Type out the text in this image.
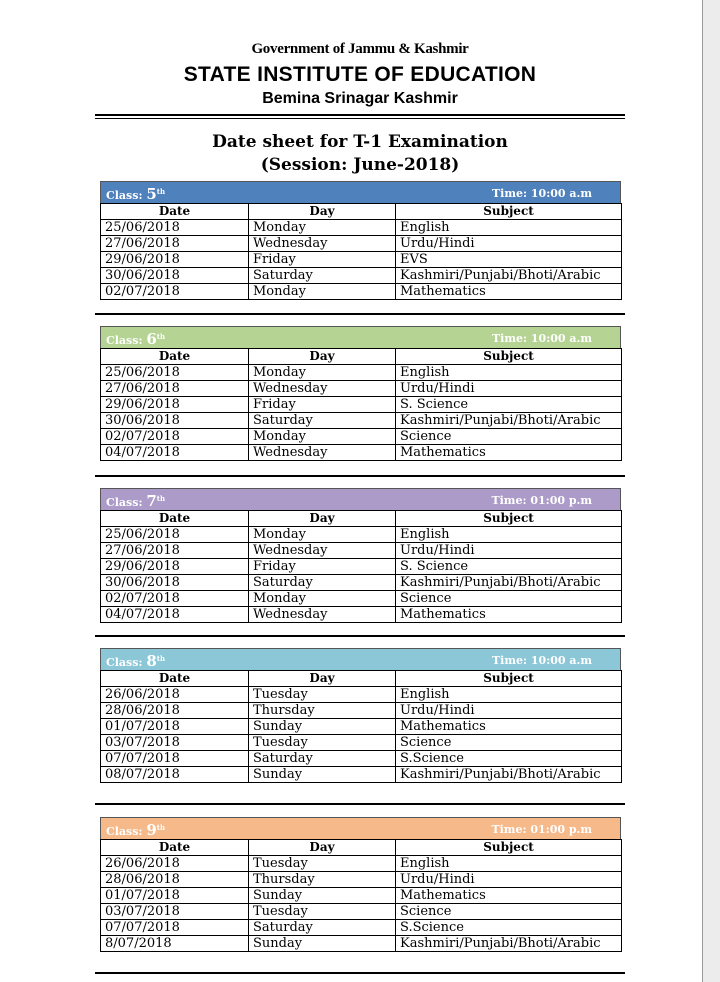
Government of Jammu & Kashmir
STATE INSTITUTE OF EDUCATION
Bemina Srinagar Kashmir
Date sheet for T-1 Examination
(Session: June-2018)
Class: 5th	Time: 10:00 a.m
Date	Day	Subject
25/06/2018	Monday	English
27/06/2018	Wednesday	Urdu/Hindi
29/06/2018	Friday	EVS
30/06/2018	Saturday	Kashmiri/Punjabi/Bhoti/Arabic
02/07/2018	Monday	Mathematics
Class: 6th	Time: 10:00 a.m
Date	Day	Subject
25/06/2018	Monday	English
27/06/2018	Wednesday	Urdu/Hindi
29/06/2018	Friday	S. Science
30/06/2018	Saturday	Kashmiri/Punjabi/Bhoti/Arabic
02/07/2018	Monday	Science
04/07/2018	Wednesday	Mathematics
Class: 7th	Time: 01:00 p.m
Date	Day	Subject
25/06/2018	Monday	English
27/06/2018	Wednesday	Urdu/Hindi
29/06/2018	Friday	S. Science
30/06/2018	Saturday	Kashmiri/Punjabi/Bhoti/Arabic
02/07/2018	Monday	Science
04/07/2018	Wednesday	Mathematics
Class: 8th	Time: 10:00 a.m
Date	Day	Subject
26/06/2018	Tuesday	English
28/06/2018	Thursday	Urdu/Hindi
01/07/2018	Sunday	Mathematics
03/07/2018	Tuesday	Science
07/07/2018	Saturday	S.Science
08/07/2018	Sunday	Kashmiri/Punjabi/Bhoti/Arabic
Class: 9th	Time: 01:00 p.m
Date	Day	Subject
26/06/2018	Tuesday	English
28/06/2018	Thursday	Urdu/Hindi
01/07/2018	Sunday	Mathematics
03/07/2018	Tuesday	Science
07/07/2018	Saturday	S.Science
8/07/2018	Sunday	Kashmiri/Punjabi/Bhoti/Arabic
